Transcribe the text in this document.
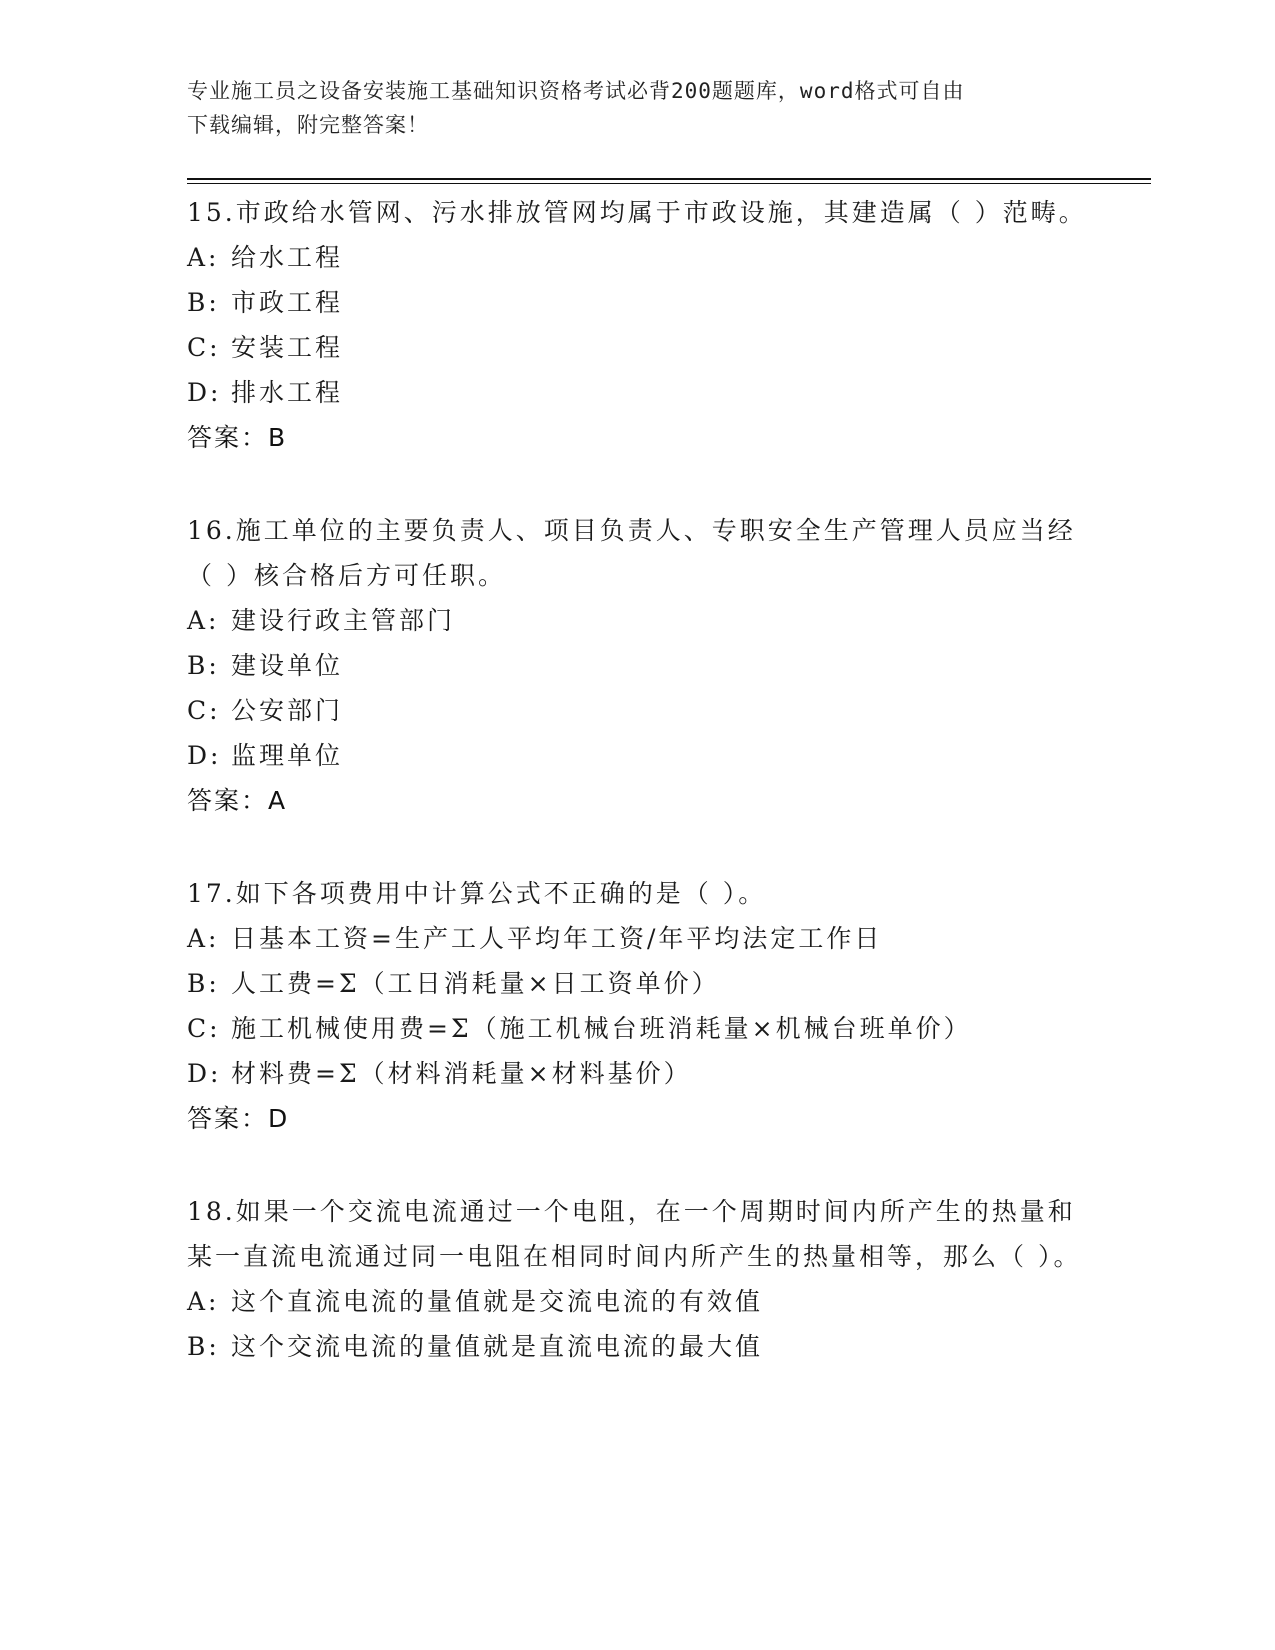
专业施工员之设备安装施工基础知识资格考试必背200题题库，word格式可自由
下载编辑，附完整答案！

15.市政给水管网、污水排放管网均属于市政设施，其建造属（ ）范畴。

A: 给水工程

B: 市政工程

C: 安装工程

D: 排水工程

答案：B

16.施工单位的主要负责人、项目负责人、专职安全生产管理人员应当经（ ）核合格后方可任职。

A: 建设行政主管部门

B: 建设单位

C: 公安部门

D: 监理单位

答案：A

17.如下各项费用中计算公式不正确的是（ ）。

A: 日基本工资=生产工人平均年工资/年平均法定工作日

B: 人工费=Σ（工日消耗量×日工资单价）

C: 施工机械使用费=Σ（施工机械台班消耗量×机械台班单价）

D: 材料费=Σ（材料消耗量×材料基价）

答案：D

18.如果一个交流电流通过一个电阻，在一个周期时间内所产生的热量和某一直流电流通过同一电阻在相同时间内所产生的热量相等，那么（ ）。

A: 这个直流电流的量值就是交流电流的有效值

B: 这个交流电流的量值就是直流电流的最大值
